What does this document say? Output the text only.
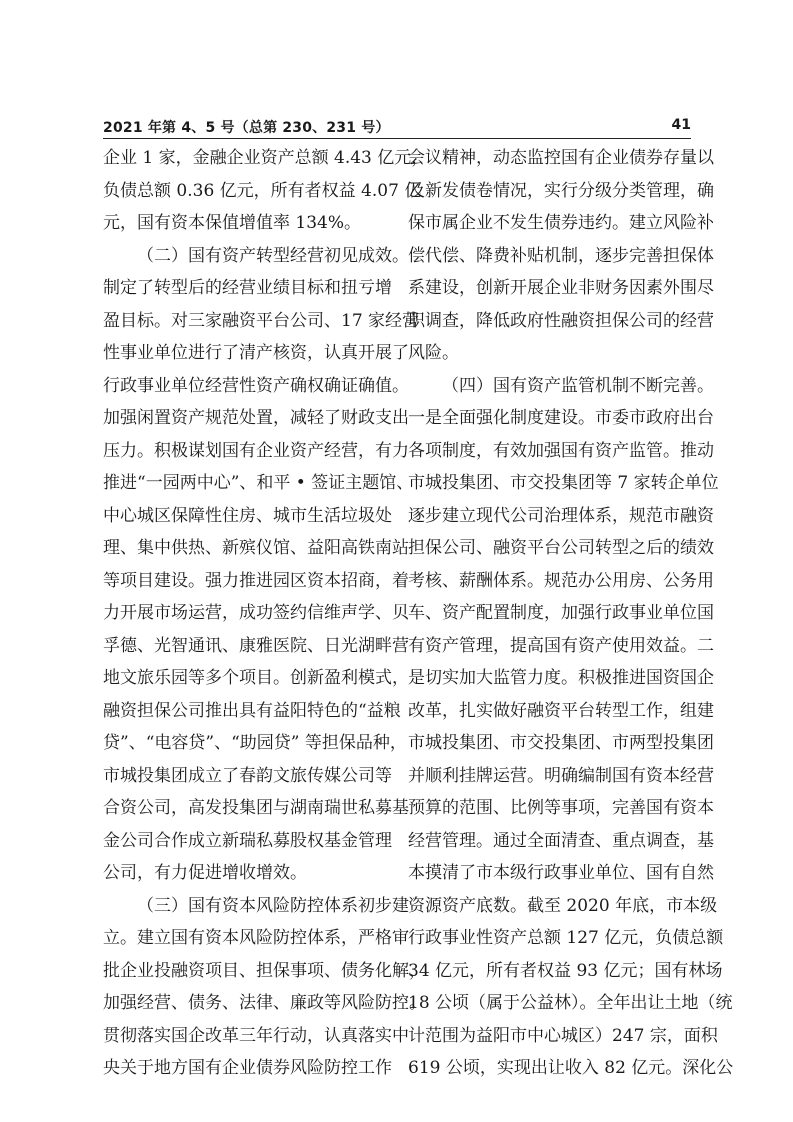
2021 年第 4、5 号（总第 230、231 号）	41
企业 1 家，金融企业资产总额 4.43 亿元，
负债总额 0.36 亿元，所有者权益 4.07 亿
元，国有资本保值增值率 134%。
（二）国有资产转型经营初见成效。
制定了转型后的经营业绩目标和扭亏增
盈目标。对三家融资平台公司、17 家经营
性事业单位进行了清产核资，认真开展了
行政事业单位经营性资产确权确证确值。
加强闲置资产规范处置，减轻了财政支出
压力。积极谋划国有企业资产经营，有力
推进“一园两中心”、和平 • 签证主题馆、
中心城区保障性住房、城市生活垃圾处
理、集中供热、新殡仪馆、益阳高铁南站
等项目建设。强力推进园区资本招商，着
力开展市场运营，成功签约信维声学、贝
孚德、光智通讯、康雅医院、日光湖畔营
地文旅乐园等多个项目。创新盈利模式，
融资担保公司推出具有益阳特色的“益粮
贷”、“电容贷”、“助园贷” 等担保品种，
市城投集团成立了春韵文旅传媒公司等
合资公司，高发投集团与湖南瑞世私募基
金公司合作成立新瑞私募股权基金管理
公司，有力促进增收增效。
（三）国有资本风险防控体系初步建
立。建立国有资本风险防控体系，严格审
批企业投融资项目、担保事项、债务化解，
加强经营、债务、法律、廉政等风险防控。
贯彻落实国企改革三年行动，认真落实中
央关于地方国有企业债券风险防控工作
会议精神，动态监控国有企业债券存量以
及新发债卷情况，实行分级分类管理，确
保市属企业不发生债券违约。建立风险补
偿代偿、降费补贴机制，逐步完善担保体
系建设，创新开展企业非财务因素外围尽
职调查，降低政府性融资担保公司的经营
风险。
（四）国有资产监管机制不断完善。
一是全面强化制度建设。市委市政府出台
各项制度，有效加强国有资产监管。推动
市城投集团、市交投集团等 7 家转企单位
逐步建立现代公司治理体系，规范市融资
担保公司、融资平台公司转型之后的绩效
考核、薪酬体系。规范办公用房、公务用
车、资产配置制度，加强行政事业单位国
有资产管理，提高国有资产使用效益。二
是切实加大监管力度。积极推进国资国企
改革，扎实做好融资平台转型工作，组建
市城投集团、市交投集团、市两型投集团
并顺利挂牌运营。明确编制国有资本经营
预算的范围、比例等事项，完善国有资本
经营管理。通过全面清查、重点调查，基
本摸清了市本级行政事业单位、国有自然
资源资产底数。截至 2020 年底，市本级
行政事业性资产总额 127 亿元，负债总额
34 亿元，所有者权益 93 亿元；国有林场
18 公顷（属于公益林）。全年出让土地（统
计范围为益阳市中心城区）247 宗，面积
619 公顷，实现出让收入 82 亿元。深化公
